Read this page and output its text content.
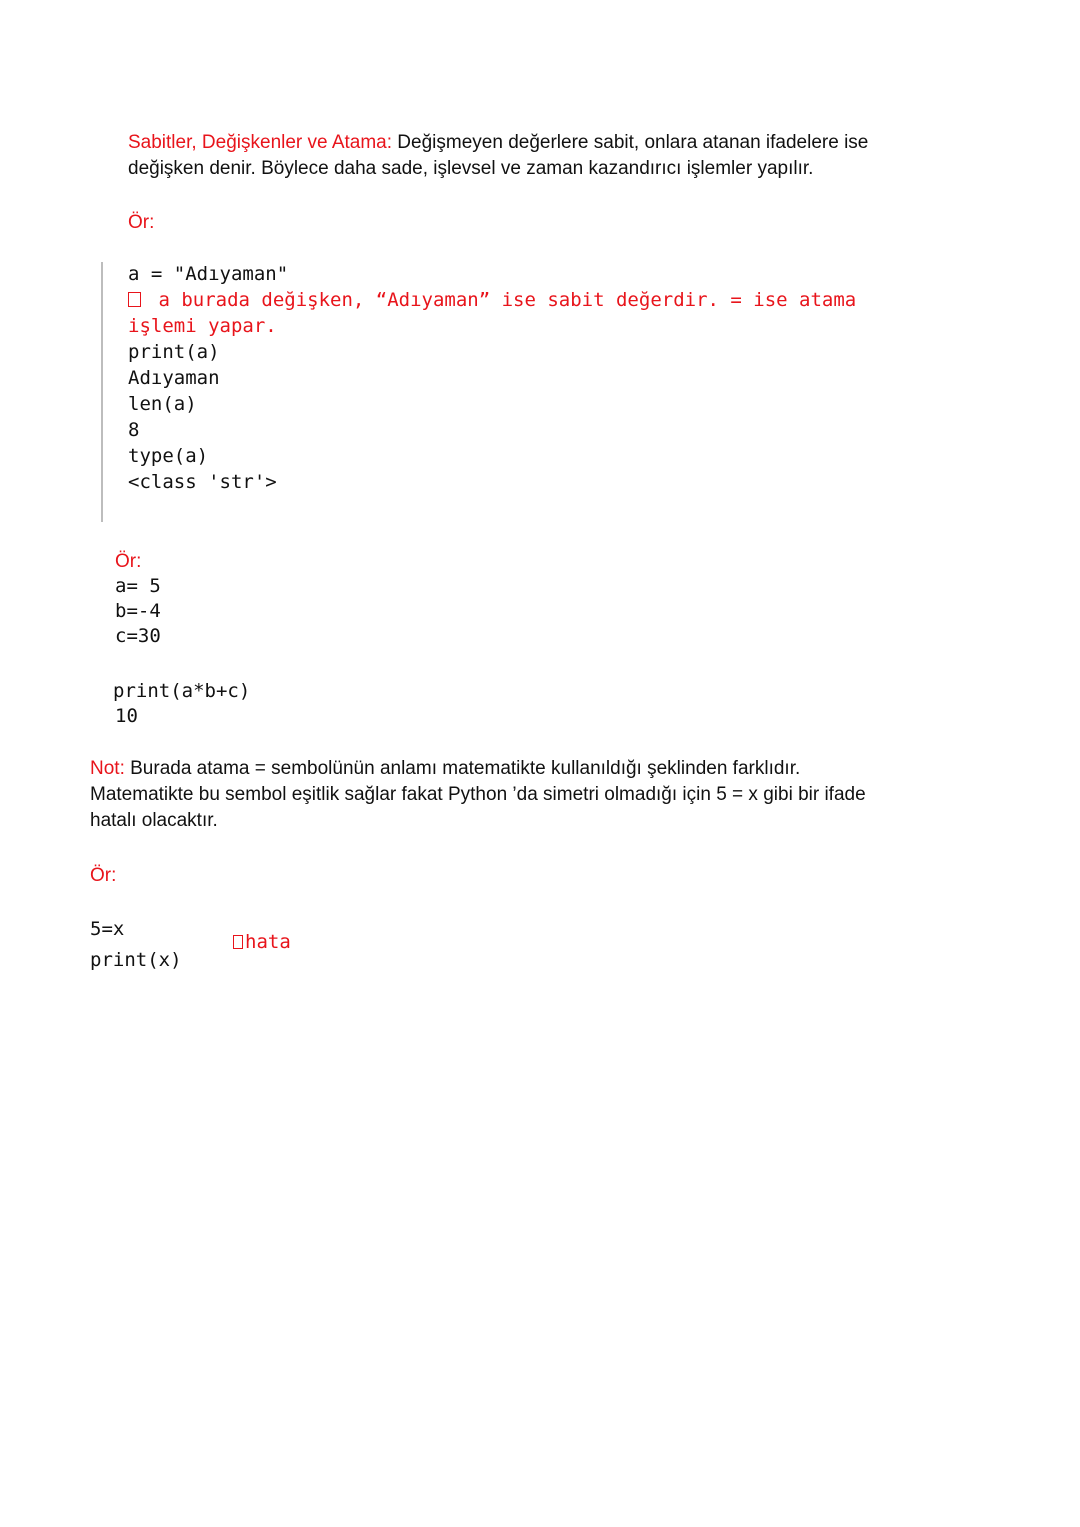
Sabitler, Değişkenler ve Atama: Değişmeyen değerlere sabit, onlara atanan ifadelere ise
değişken denir. Böylece daha sade, işlevsel ve zaman kazandırıcı işlemler yapılır.
Ör:
a = "Adıyaman"
a burada değişken, “Adıyaman” ise sabit değerdir. = ise atama
işlemi yapar.
print(a)
Adıyaman
len(a)
8
type(a)
<class 'str'>
Ör:
a= 5
b=-4
c=30
print(a*b+c)
10
Not: Burada atama = sembolünün anlamı matematikte kullanıldığı şeklinden farklıdır.
Matematikte bu sembol eşitlik sağlar fakat Python ’da simetri olmadığı için 5 = x gibi bir ifade
hatalı olacaktır.
Ör:
5=x
print(x)
hata
